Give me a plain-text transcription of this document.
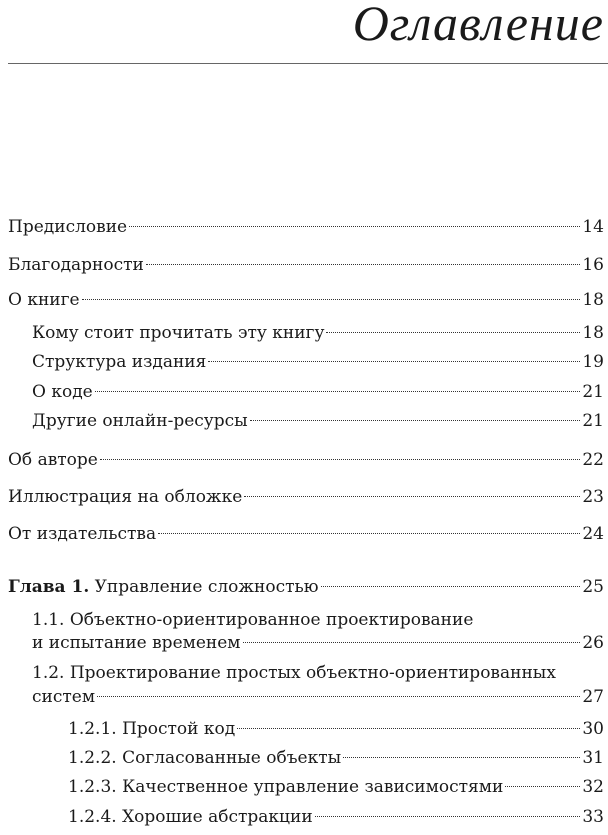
Оглавление
Предисловие	14
Благодарности	16
О книге	18
Кому стоит прочитать эту книгу	18
Структура издания	19
О коде	21
Другие онлайн-ресурсы	21
Об авторе	22
Иллюстрация на обложке	23
От издательства	24
Глава 1. Управление сложностью	25
1.1. Объектно-ориентированное проектирование
и испытание временем	26
1.2. Проектирование простых объектно-ориентированных
систем	27
1.2.1. Простой код	30
1.2.2. Согласованные объекты	31
1.2.3. Качественное управление зависимостями	32
1.2.4. Хорошие абстракции	33
